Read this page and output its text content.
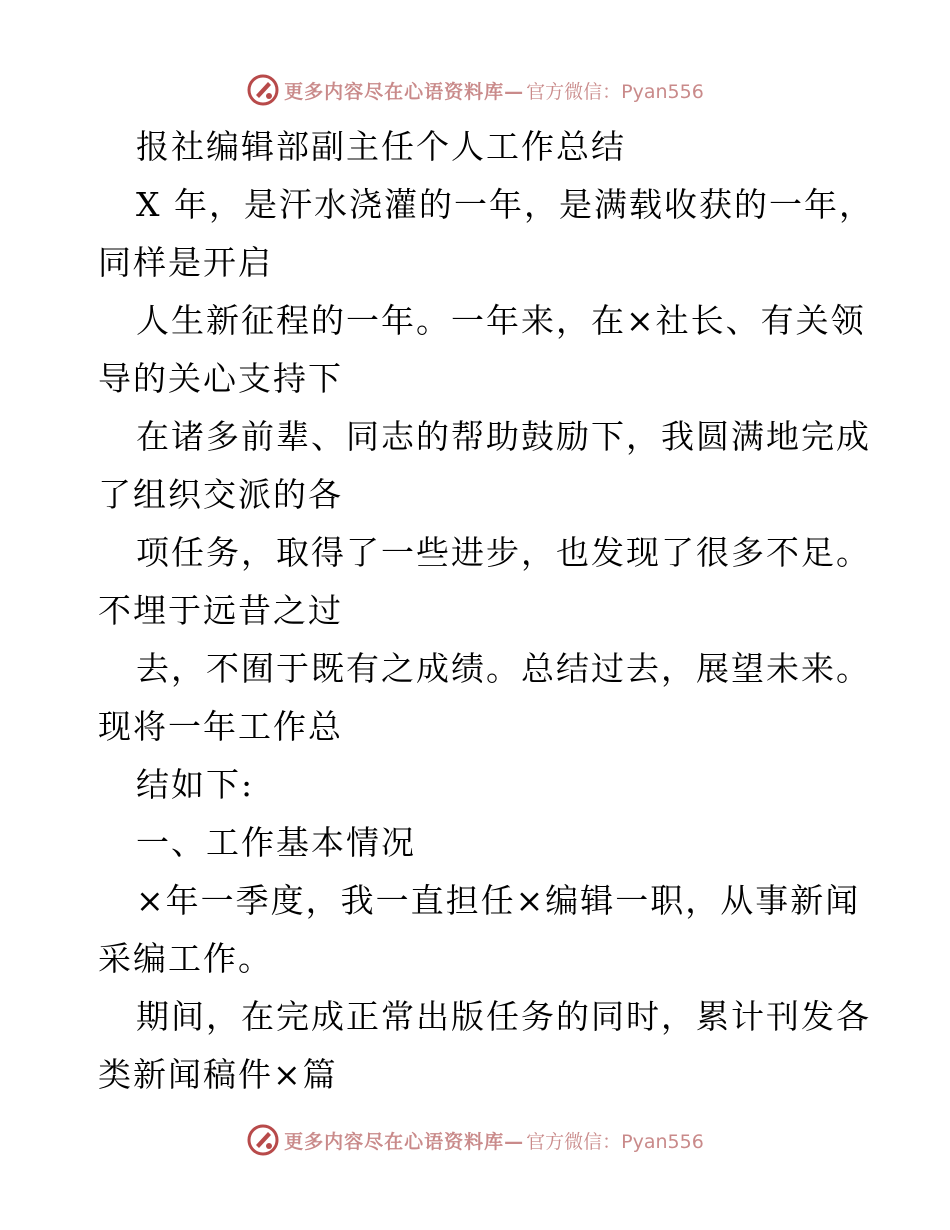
更多内容尽在心语资料库— 官方微信：Pyan556
报社编辑部副主任个人工作总结
X 年，是汗水浇灌的一年，是满载收获的一年，
同样是开启
人生新征程的一年。一年来，在×社长、有关领
导的关心支持下
在诸多前辈、同志的帮助鼓励下，我圆满地完成
了组织交派的各
项任务，取得了一些进步，也发现了很多不足。
不埋于远昔之过
去，不囿于既有之成绩。总结过去，展望未来。
现将一年工作总
结如下:
一、工作基本情况
×年一季度，我一直担任×编辑一职，从事新闻
采编工作。
期间，在完成正常出版任务的同时，累计刊发各
类新闻稿件×篇
更多内容尽在心语资料库— 官方微信：Pyan556
